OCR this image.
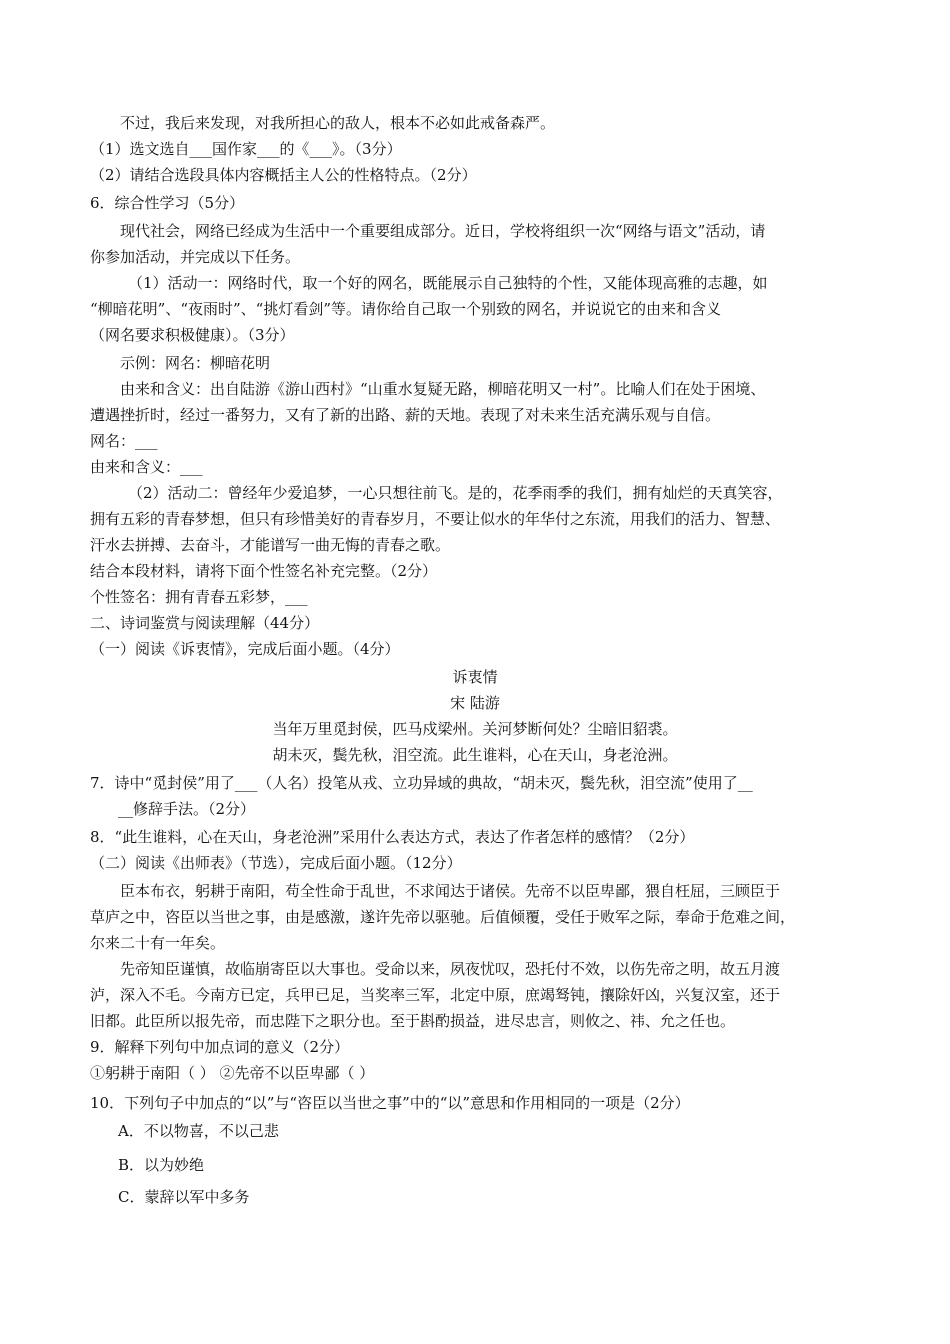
不过，我后来发现，对我所担心的敌人，根本不必如此戒备森严。
（1）选文选自___国作家___的《___》。（3分）
（2）请结合选段具体内容概括主人公的性格特点。（2分）
6．综合性学习（5分）
现代社会，网络已经成为生活中一个重要组成部分。近日，学校将组织一次“网络与语文”活动，请
你参加活动，并完成以下任务。
（1）活动一：网络时代，取一个好的网名，既能展示自己独特的个性，又能体现高雅的志趣，如
“柳暗花明”、“夜雨时”、“挑灯看剑”等。请你给自己取一个别致的网名，并说说它的由来和含义
（网名要求积极健康）。（3分）
示例：网名：柳暗花明
由来和含义：出自陆游《游山西村》“山重水复疑无路，柳暗花明又一村”。比喻人们在处于困境、
遭遇挫折时，经过一番努力，又有了新的出路、薪的天地。表现了对未来生活充满乐观与自信。
网名：___
由来和含义：___
（2）活动二：曾经年少爱追梦，一心只想往前飞。是的，花季雨季的我们，拥有灿烂的天真笑容，
拥有五彩的青春梦想，但只有珍惜美好的青春岁月，不要让似水的年华付之东流，用我们的活力、智慧、
汗水去拼搏、去奋斗，才能谱写一曲无悔的青春之歌。
结合本段材料，请将下面个性签名补充完整。（2分）
个性签名：拥有青春五彩梦，___
二、诗词鉴赏与阅读理解（44分）
（一）阅读《诉衷情》，完成后面小题。（4分）
诉衷情
宋 陆游
当年万里觅封侯，匹马戍梁州。关河梦断何处？尘暗旧貂裘。
胡未灭，鬓先秋，泪空流。此生谁料，心在天山，身老沧洲。
7．诗中“觅封侯”用了___（人名）投笔从戎、立功异域的典故，“胡未灭，鬓先秋，泪空流”使用了__
__修辞手法。（2分）
8．“此生谁料，心在天山，身老沧洲”采用什么表达方式，表达了作者怎样的感情？（2分）
（二）阅读《出师表》（节选），完成后面小题。（12分）
臣本布衣，躬耕于南阳，苟全性命于乱世，不求闻达于诸侯。先帝不以臣卑鄙，猥自枉屈，三顾臣于
草庐之中，咨臣以当世之事，由是感激，遂许先帝以驱驰。后值倾覆，受任于败军之际，奉命于危难之间，
尔来二十有一年矣。
先帝知臣谨慎，故临崩寄臣以大事也。受命以来，夙夜忧叹，恐托付不效，以伤先帝之明，故五月渡
泸，深入不毛。今南方已定，兵甲已足，当奖率三军，北定中原，庶竭驽钝，攘除奸凶，兴复汉室，还于
旧都。此臣所以报先帝，而忠陛下之职分也。至于斟酌损益，进尽忠言，则攸之、祎、允之任也。
9．解释下列句中加点词的意义（2分）
①躬耕于南阳（ ） ②先帝不以臣卑鄙（ ）
10．下列句子中加点的“以”与“咨臣以当世之事”中的“以”意思和作用相同的一项是（2分）
A．不以物喜，不以己悲
B．以为妙绝
C．蒙辞以军中多务
